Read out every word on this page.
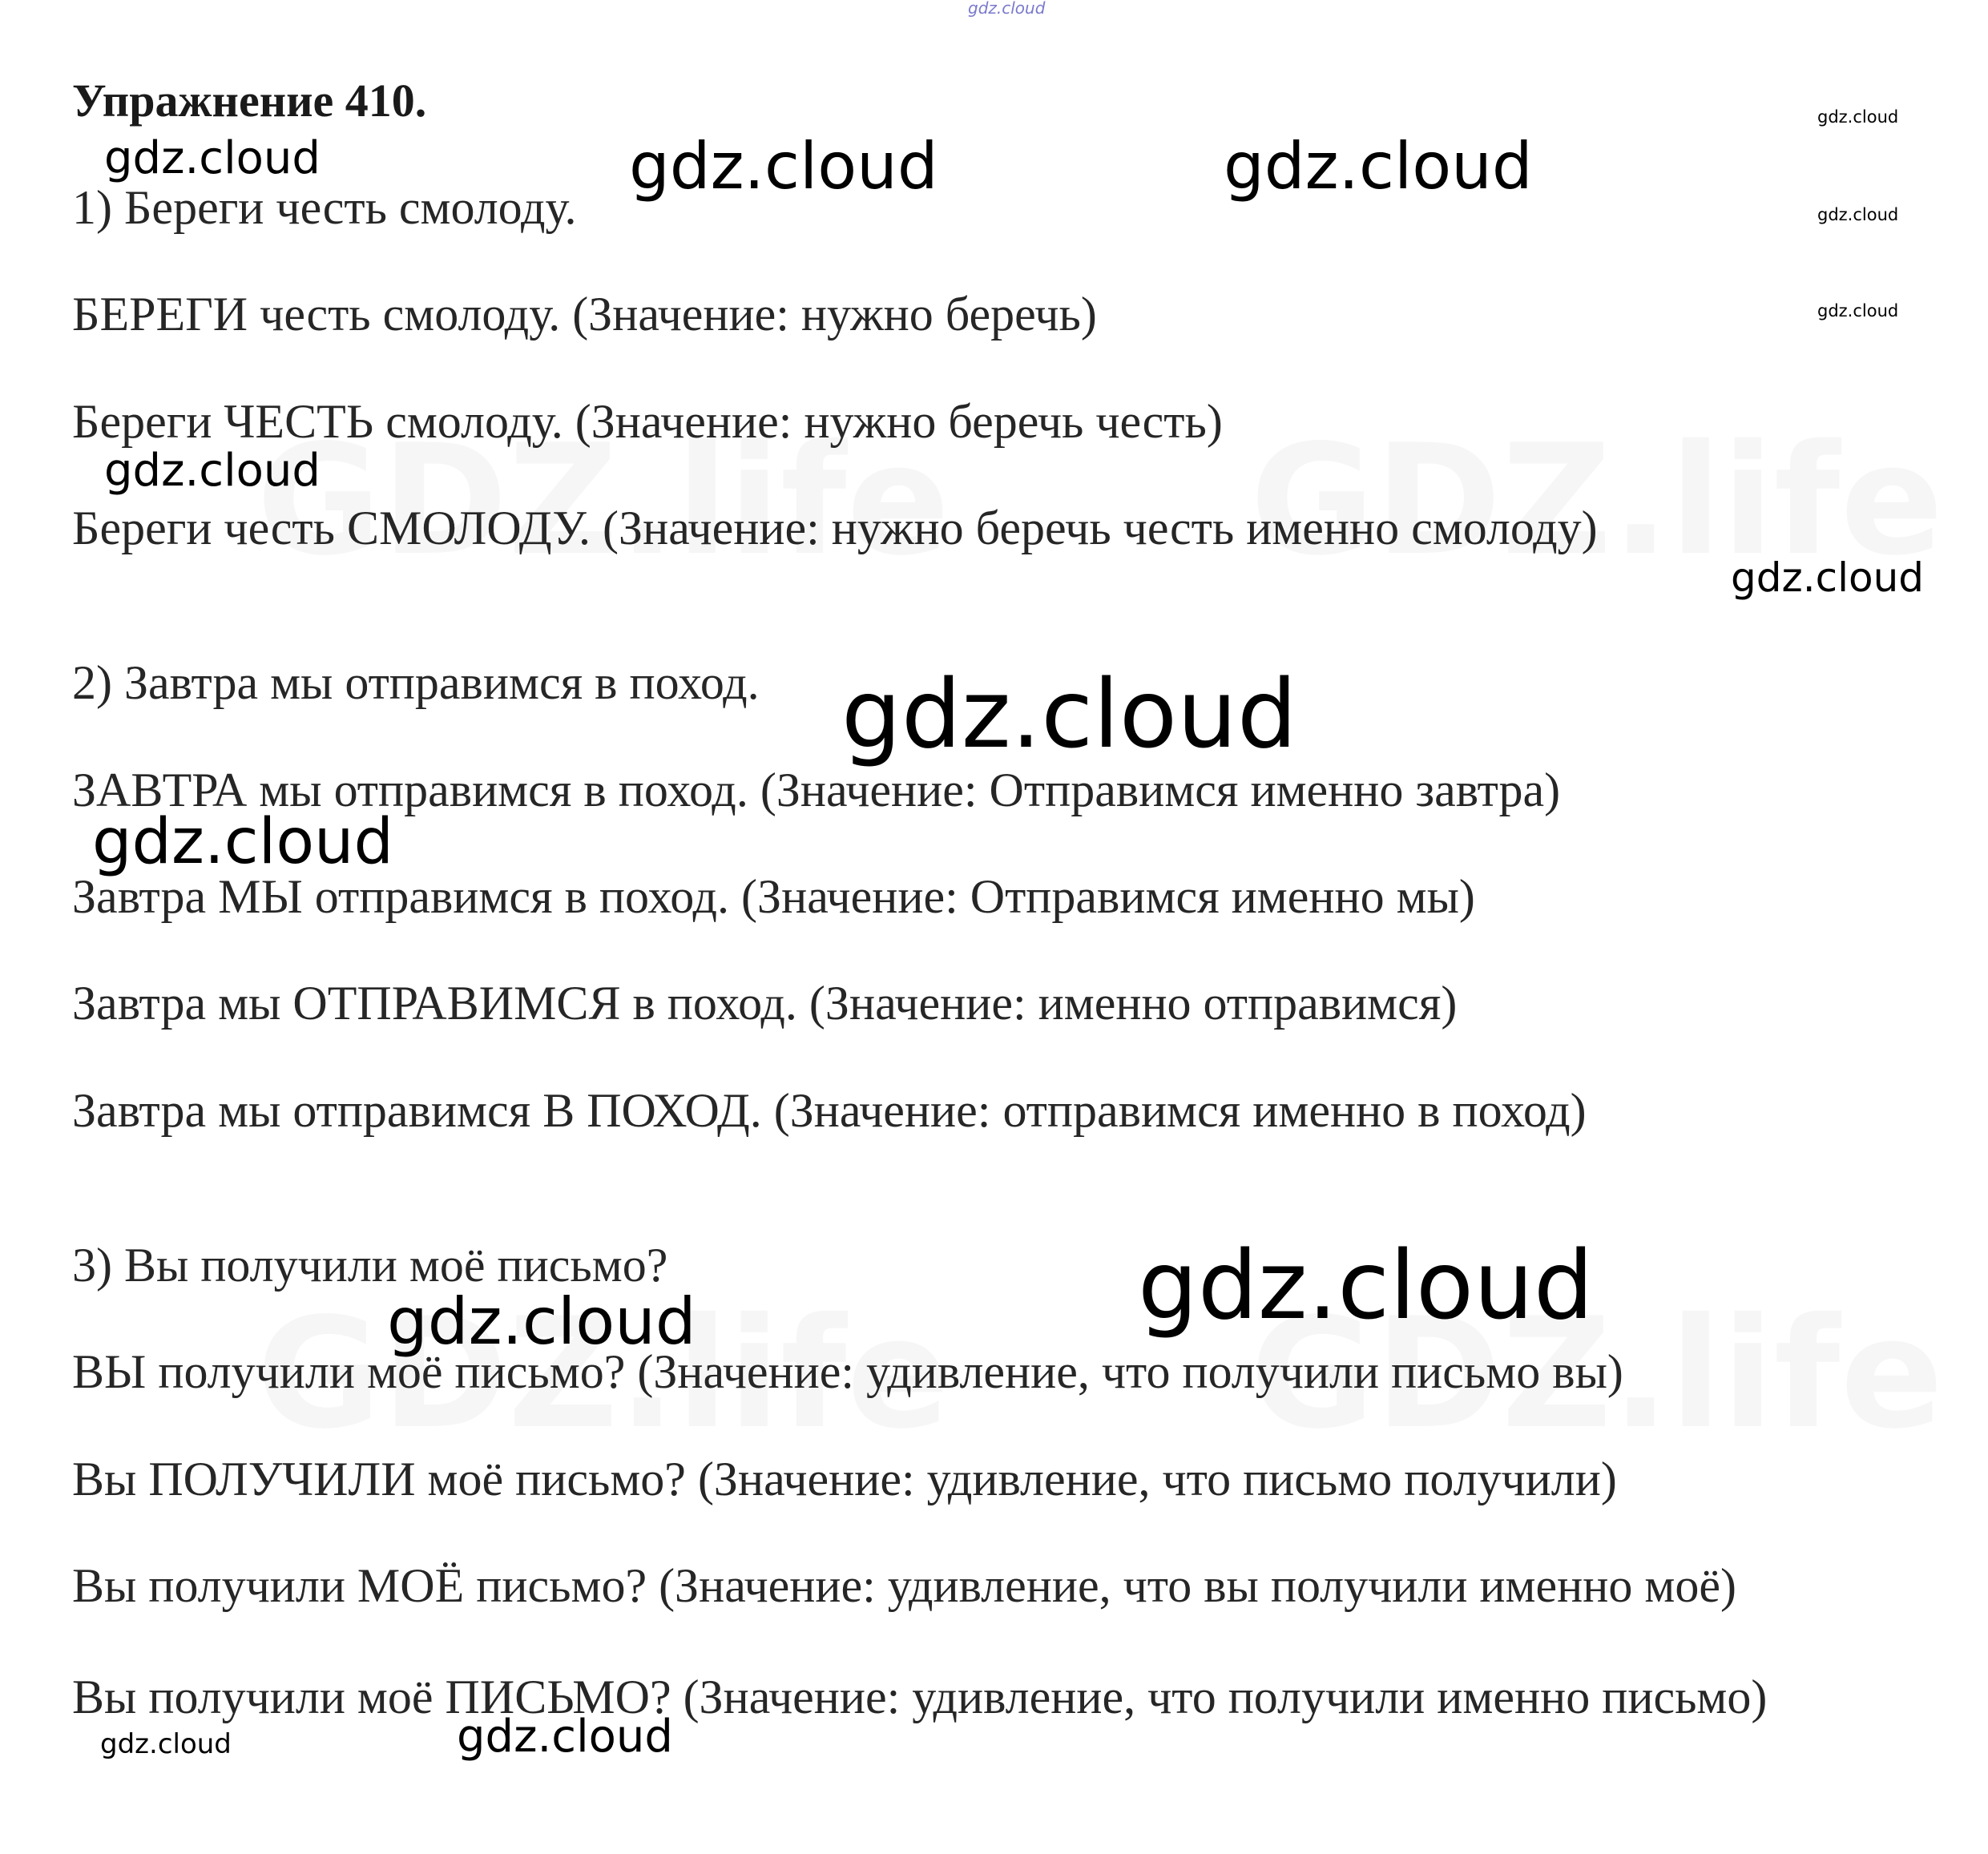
gdz.cloud
Упражнение 410.
1) Береги честь смолоду.
БЕРЕГИ честь смолоду. (Значение: нужно беречь)
Береги ЧЕСТЬ смолоду. (Значение: нужно беречь честь)
Береги честь СМОЛОДУ. (Значение: нужно беречь честь именно смолоду)
2) Завтра мы отправимся в поход.
ЗАВТРА мы отправимся в поход. (Значение: Отправимся именно завтра)
Завтра МЫ отправимся в поход. (Значение: Отправимся именно мы)
Завтра мы ОТПРАВИМСЯ в поход. (Значение: именно отправимся)
Завтра мы отправимся В ПОХОД. (Значение: отправимся именно в поход)
3) Вы получили моё письмо?
ВЫ получили моё письмо? (Значение: удивление, что получили письмо вы)
Вы ПОЛУЧИЛИ моё письмо? (Значение: удивление, что письмо получили)
Вы получили МОЁ письмо? (Значение: удивление, что вы получили именно моё)
Вы получили моё ПИСЬМО? (Значение: удивление, что получили именно письмо)
gdz.cloud
gdz.cloud
gdz.cloud
gdz.cloud	gdz.cloud	gdz.cloud
gdz.cloud
gdz.cloud
gdz.cloud
gdz.cloud
gdz.cloud
gdz.cloud
gdz.cloud	gdz.cloud
